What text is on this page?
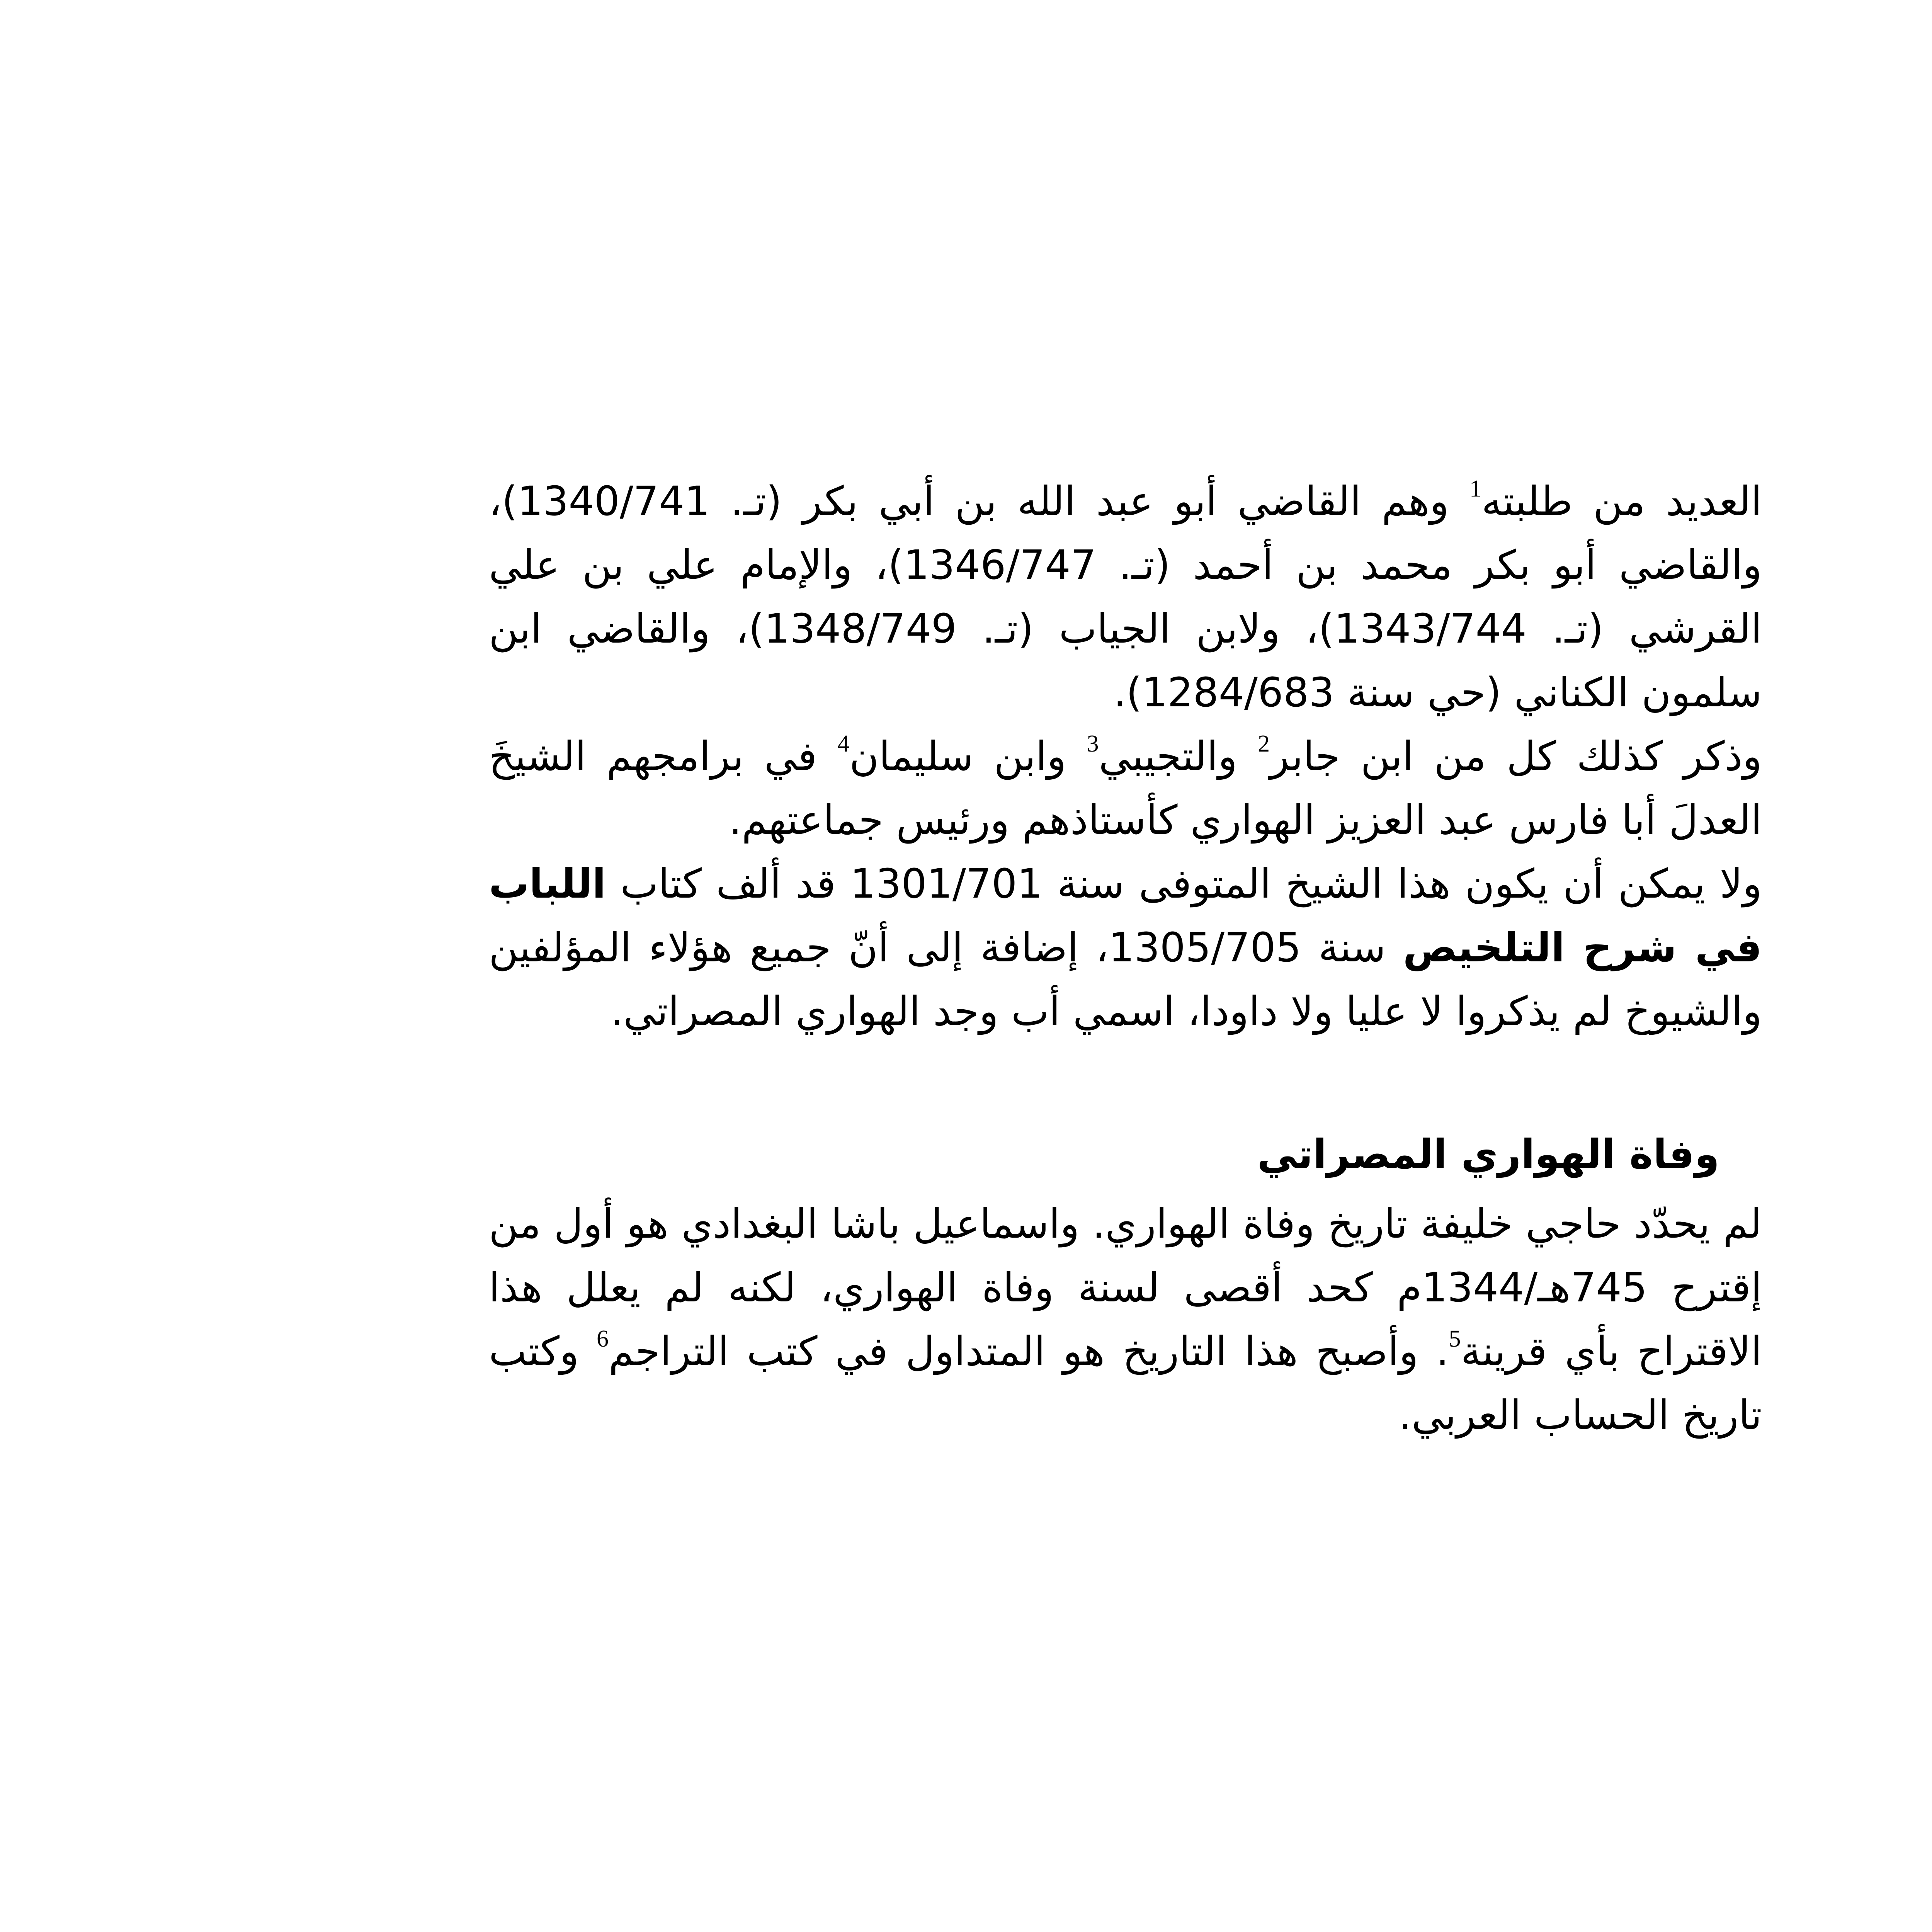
العديد من طلبته$^1$ وهم القاضي أبو عبد الله بن أبي بكر (تـ. 1340/741)، والقاضي أبو بكر محمد بن أحمد (تـ. 1346/747)، والإمام علي بن علي القرشي (تـ. 1343/744)، ولابن الجياب (تـ. 1348/749)، والقاضي ابن سلمون الكناني (حي سنة 1284/683).

وذكر كذلك كل من ابن جابر$^2$ والتجيبي$^3$ وابن سليمان$^4$ في برامجهم الشيخَ العدلَ أبا فارس عبد العزيز الهواري كأستاذهم ورئيس جماعتهم.

ولا يمكن أن يكون هذا الشيخ المتوفى سنة 1301/701 قد ألف كتاب اللباب في شرح التلخيص سنة 1305/705، إضافة إلى أنّ جميع هؤلاء المؤلفين والشيوخ لم يذكروا لا عليا ولا داودا، اسمي أب وجد الهواري المصراتي.

وفاة الهواري المصراتي

لم يحدّد حاجي خليفة تاريخ وفاة الهواري. واسماعيل باشا البغدادي هو أول من إقترح 745هـ/1344م كحد أقصى لسنة وفاة الهواري، لكنه لم يعلل هذا الاقتراح بأي قرينة$^5$. وأصبح هذا التاريخ هو المتداول في كتب التراجم$^6$ وكتب تاريخ الحساب العربي.
